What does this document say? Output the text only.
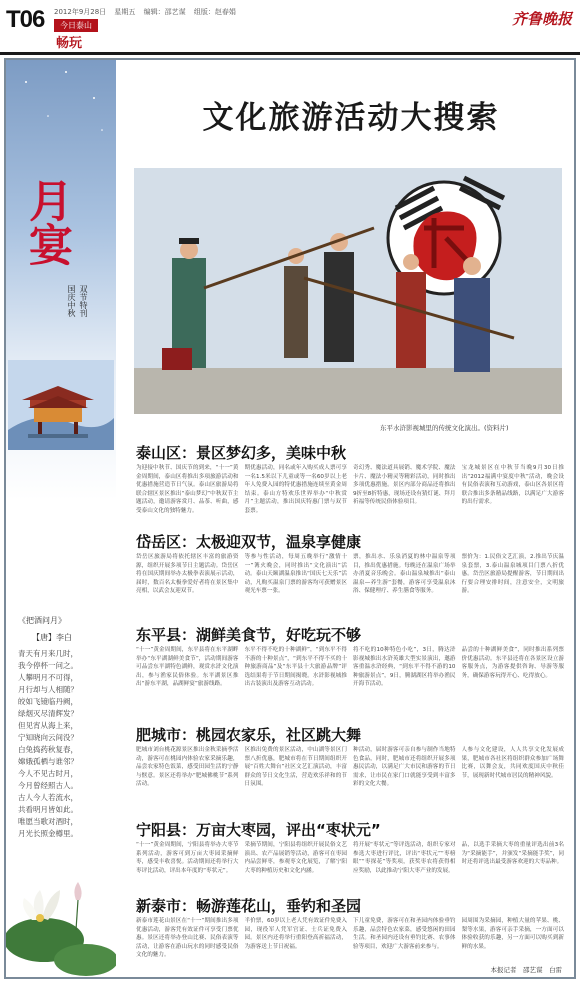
T06 2012年9月28日 星期五 编辑：邵艺谋 组版：赵春娟
今日泰山
畅玩
齐鲁晚报
月宴
国庆中秋 双节特刊
《把酒问月》
【唐】李白
青天有月来几时，
我今停杯一问之。
人攀明月不可得，
月行却与人相随？
皎如飞镜临丹阙，
绿烟灭尽清辉发？
但见宵从海上来，
宁知晓向云间没？
白兔捣药秋复春，
嫦娥孤栖与谁邻？
今人不见古时月，
今月曾经照古人。
古人今人若流水，
共看明月皆如此。
唯愿当歌对酒时，
月光长照金樽里。
文化旅游活动大搜索
东平水浒影视城里的传统文化演出。(资料片)
泰山区：景区梦幻多，美味中秋
为迎接中秋节、国庆节的到来，“十一”黄金周期间，泰山区将推出多项旅游活动和优惠措施营造节日气氛。泰山区旅游局将联合辖区景区推出“泰山梦幻”中秋双节主题活动，邀请游客赏月、品茶、听曲，感受泰山文化的独特魅力。
期优惠活动，同名或年入购买成人票可享一名1.5米以下儿童或等一名60岁以上老年人免费入园的特优惠措施连续至黄金周结束。泰山方特欢乐世界举办“中秋赏月”主题活动，推出国庆特惠门票与双节套票。
奇幻秀、魔法道具展销、魔术学院、魔法卡片、魔法小精灵等精彩活动，同时推出多项优惠措施。景区内部分商品还将推出9折至8折特惠，现场还设有猜灯谜、拜月祈福等传统民俗体验项目。
宝龙城景区在中秋节当晚9月30日推出“2012福满中宴度中秋”活动，晚会设有民俗表演和互动游戏，泰山区各景区将联合推出多条精品线路，以满足广大游客的出行需求。
岱岳区：太极迎双节，温泉享健康
岱岳区旅游局将依托辖区丰富的旅游资源，组织开展多项节日主题活动。岱岳区将在国庆期间举办太极拳表演展示活动，届时，数百名太极拳爱好者将在景区集中亮相，以武会友迎双节。
等参与性活动，每周五晚举行“激情十一”篝火晚会，同时推出“文化演出”活动。泰山天颐湖温泉推出“国庆七天乐”活动，凡购买温泉门票的游客均可获赠景区观光车票一张。
票，推出水、乐泉消夏的林中温泉等项目，推出优惠措施。每晚还在温泉广场举办消夏音乐晚会。泰山温泉城推出“泰山温泉—养生游”套餐，游客可享受温泉沐浴、保健理疗、养生膳食等服务。
票价为：1.民俗文艺汇演，2.推出节庆温泉套票，3.泰山温泉城项目门票八折优惠。岱岳区旅游局提醒游客，节日期间出行要合理安排时间，注意安全，文明旅游。
东平县：湖鲜美食节，好吃玩不够
“十一”黄金周期间，东平县将在东平湖畔举办“东平湖湖鲜美食节”，活动期间游客可品尝东平湖特色湖鲜，观赏水浒文化演出，参与渔家民俗体验。东平湖景区推出“游东平湖，品湖鲜宴”旅游线路。
东平不得不吃的十种湖鲜”，“到东平不得不游的十种景点”，“到东平不得不买的十种旅游商品”及“东平县十大旅游品牌”评选结果将于节日期间揭晓。水浒影视城推出古装演出及游客互动活动。
将不吃的10种特色小吃”，3日，腾达浒影视城推出水浒英雄大型实景演出，邀游客重温水浒经典，“到东平不得不游的10种旅游景点”，9日，腾湖湖区将举办渔民开海节活动。
品尝的十种湖鲜美食”，同时推出系列票价优惠活动。东平县还将在各景区设立游客服务点，为游客提供咨询、导游等服务，确保游客玩得开心、吃得放心。
肥城市：桃园农家乐，社区跳大舞
肥城市刘台桃花源景区推出金秋采摘季活动，游客可在桃园内体验农家采摘乐趣，品尝农家特色饭菜，感受田园生活的宁静与惬意。景区还将举办“肥城佛桃节”系列活动。
区推出免费的景区活动，中山湖等景区门票八折优惠，肥城市将在节日期间组织开展“百姓大舞台”社区文艺汇演活动，丰富群众的节日文化生活，营造欢乐祥和的节日氛围。
种活动，届时游客可亲自参与制作当地特色食品，同时，肥城市还将组织开展多项惠民活动，以满足广大市民和游客的节日需求，让市民在家门口就能享受到丰富多彩的文化大餐。
人参与文化建设，人人共享文化发展成果，肥城市各社区将组织群众参加广场舞比赛，以舞会友，共同欢度国庆中秋佳节，展现新时代城市居民的精神风貌。
宁阳县：万亩大枣园，评出“枣状元”
“十一”黄金周期间，宁阳县将举办大枣节系列活动，游客可到万亩大枣园采摘鲜枣，感受丰收喜悦。活动期间还将举行大枣评比活动，评出本年度的“枣状元”。
采摘节期间，宁阳县将组织开展民俗文艺演出、农产品展销等活动，游客可在枣园内品尝鲜枣，参观枣文化展览，了解宁阳大枣的种植历史和文化内涵。
将开展“枣状元”等评选活动，组织专家对参选大枣进行评比，评出“枣状元”“枣榜眼”“枣探花”等奖项，获奖枣农将获得相应奖励，以此推动宁阳大枣产业的发展。
品，以选手采摘大枣的重量评选出前3名为“采摘能手”，并颁发“采摘能手奖”，同时还将评选出最受游客欢迎的大枣品种。
新泰市：畅游莲花山，垂钓和圣园
新泰市莲花山景区在“十一”期间推出多项优惠活动，游客凭有效证件可享受门票优惠。景区还将举办登山比赛、民俗表演等活动，让游客在游山玩水的同时感受民俗文化的魅力。
半价票，60岁以上老人凭有效证件免费入园，现役军人凭军官证、士兵证免费入园。景区内还将举行重阳登高祈福活动，为游客送上节日祝福。
下儿童免费，游客可在和圣园内体验垂钓乐趣，品尝特色农家菜，感受悠闲的田园生活。和圣园内还设有垂钓比赛、农事体验等项目，欢迎广大游客前来参与。
园周围为采摘园，种植大量的苹果、桃、梨等水果，游客可亲手采摘，一方面可以体验收获的乐趣，另一方面可以购买到新鲜的水果。
本报记者　邵艺谋　白雷
